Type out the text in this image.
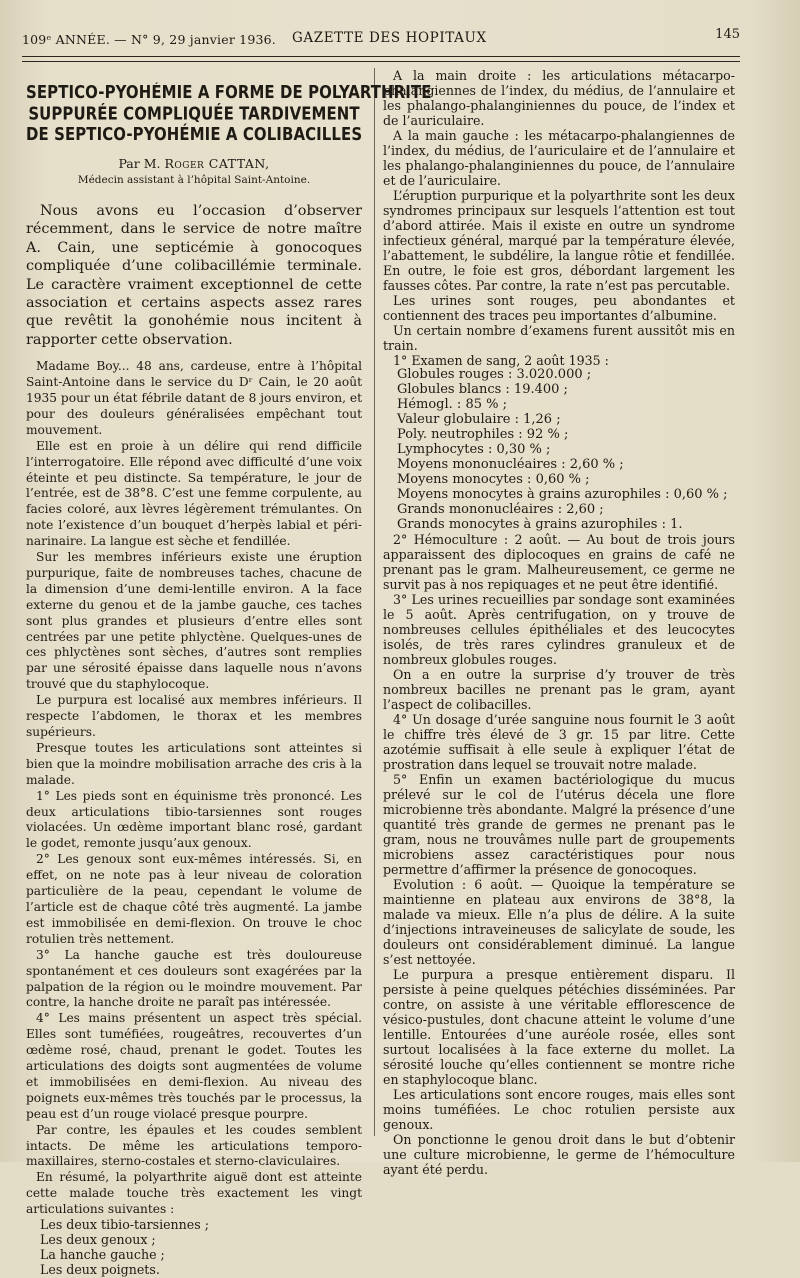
109ᵉ ANNÉE. — N° 9, 29 janvier 1936. GAZETTE DES HOPITAUX	145
SEPTICO-PYOHÉMIE A FORME DE POLYARTHRITE
SUPPURÉE COMPLIQUÉE TARDIVEMENT
DE SEPTICO-PYOHÉMIE A COLIBACILLES
Par M. Roger CATTAN,
Médecin assistant à l’hôpital Saint-Antoine.
Nous avons eu l’occasion d’observer récemment, dans le service de notre maître A. Cain, une septicémie à gonocoques compliquée d’une colibacillémie terminale. Le caractère vraiment exceptionnel de cette association et certains aspects assez rares que revêtit la gonohémie nous incitent à rapporter cette observation.

Madame Boy... 48 ans, cardeuse, entre à l’hôpital Saint-Antoine dans le service du Dʳ Cain, le 20 août 1935 pour un état fébrile datant de 8 jours environ, et pour des douleurs généralisées empêchant tout mouvement.

Elle est en proie à un délire qui rend difficile l’interrogatoire. Elle répond avec difficulté d’une voix éteinte et peu distincte. Sa température, le jour de l’entrée, est de 38°8. C’est une femme corpulente, au facies coloré, aux lèvres légèrement trémulantes. On note l’existence d’un bouquet d’herpès labial et péri-narinaire. La langue est sèche et fendillée.

Sur les membres inférieurs existe une éruption purpurique, faite de nombreuses taches, chacune de la dimension d’une demi-lentille environ. A la face externe du genou et de la jambe gauche, ces taches sont plus grandes et plusieurs d’entre elles sont centrées par une petite phlyctène. Quelques-unes de ces phlyctènes sont sèches, d’autres sont remplies par une sérosité épaisse dans laquelle nous n’avons trouvé que du staphylocoque.

Le purpura est localisé aux membres inférieurs. Il respecte l’abdomen, le thorax et les membres supérieurs.

Presque toutes les articulations sont atteintes si bien que la moindre mobilisation arrache des cris à la malade.

1° Les pieds sont en équinisme très prononcé. Les deux articulations tibio-tarsiennes sont rouges violacées. Un œdème important blanc rosé, gardant le godet, remonte jusqu’aux genoux.

2° Les genoux sont eux-mêmes intéressés. Si, en effet, on ne note pas à leur niveau de coloration particulière de la peau, cependant le volume de l’article est de chaque côté très augmenté. La jambe est immobilisée en demi-flexion. On trouve le choc rotulien très nettement.

3° La hanche gauche est très douloureuse spontanément et ces douleurs sont exagérées par la palpation de la région ou le moindre mouvement. Par contre, la hanche droite ne paraît pas intéressée.

4° Les mains présentent un aspect très spécial. Elles sont tuméfiées, rougeâtres, recouvertes d’un œdème rosé, chaud, prenant le godet. Toutes les articulations des doigts sont augmentées de volume et immobilisées en demi-flexion. Au niveau des poignets eux-mêmes très touchés par le processus, la peau est d’un rouge violacé presque pourpre.

Par contre, les épaules et les coudes semblent intacts. De même les articulations temporo-maxillaires, sterno-costales et sterno-claviculaires.

En résumé, la polyarthrite aiguë dont est atteinte cette malade touche très exactement les vingt articulations suivantes :

Les deux tibio-tarsiennes ;
Les deux genoux ;
La hanche gauche ;
Les deux poignets.

A la main droite : les articulations métacarpo-phalangiennes de l’index, du médius, de l’annulaire et les phalango-phalanginiennes du pouce, de l’index et de l’auriculaire.

A la main gauche : les métacarpo-phalangiennes de l’index, du médius, de l’auriculaire et de l’annulaire et les phalango-phalanginiennes du pouce, de l’annulaire et de l’auriculaire.

L’éruption purpurique et la polyarthrite sont les deux syndromes principaux sur lesquels l’attention est tout d’abord attirée. Mais il existe en outre un syndrome infectieux général, marqué par la température élevée, l’abattement, le subdélire, la langue rôtie et fendillée. En outre, le foie est gros, débordant largement les fausses côtes. Par contre, la rate n’est pas percutable.

Les urines sont rouges, peu abondantes et contiennent des traces peu importantes d’albumine.

Un certain nombre d’examens furent aussitôt mis en train.

1° Examen de sang, 2 août 1935 :

Globules rouges : 3.020.000 ;
Globules blancs : 19.400 ;
Hémogl. : 85 % ;
Valeur globulaire : 1,26 ;
Poly. neutrophiles : 92 % ;
Lymphocytes : 0,30 % ;
Moyens mononucléaires : 2,60 % ;
Moyens monocytes : 0,60 % ;
Moyens monocytes à grains azurophiles : 0,60 % ;
Grands mononucléaires : 2,60 ;
Grands monocytes à grains azurophiles : 1.

2° Hémoculture : 2 août. — Au bout de trois jours apparaissent des diplocoques en grains de café ne prenant pas le gram. Malheureusement, ce germe ne survit pas à nos repiquages et ne peut être identifié.

3° Les urines recueillies par sondage sont examinées le 5 août. Après centrifugation, on y trouve de nombreuses cellules épithéliales et des leucocytes isolés, de très rares cylindres granuleux et de nombreux globules rouges.

On a en outre la surprise d’y trouver de très nombreux bacilles ne prenant pas le gram, ayant l’aspect de colibacilles.

4° Un dosage d’urée sanguine nous fournit le 3 août le chiffre très élevé de 3 gr. 15 par litre. Cette azotémie suffisait à elle seule à expliquer l’état de prostration dans lequel se trouvait notre malade.

5° Enfin un examen bactériologique du mucus prélevé sur le col de l’utérus décela une flore microbienne très abondante. Malgré la présence d’une quantité très grande de germes ne prenant pas le gram, nous ne trouvâmes nulle part de groupements microbiens assez caractéristiques pour nous permettre d’affirmer la présence de gonocoques.

Evolution : 6 août. — Quoique la température se maintienne en plateau aux environs de 38°8, la malade va mieux. Elle n’a plus de délire. A la suite d’injections intraveineuses de salicylate de soude, les douleurs ont considérablement diminué. La langue s’est nettoyée.

Le purpura a presque entièrement disparu. Il persiste à peine quelques pétéchies disséminées. Par contre, on assiste à une véritable efflorescence de vésico-pustules, dont chacune atteint le volume d’une lentille. Entourées d’une auréole rosée, elles sont surtout localisées à la face externe du mollet. La sérosité louche qu’elles contiennent se montre riche en staphylocoque blanc.

Les articulations sont encore rouges, mais elles sont moins tuméfiées. Le choc rotulien persiste aux genoux.

On ponctionne le genou droit dans le but d’obtenir une culture microbienne, le germe de l’hémoculture ayant été perdu.
